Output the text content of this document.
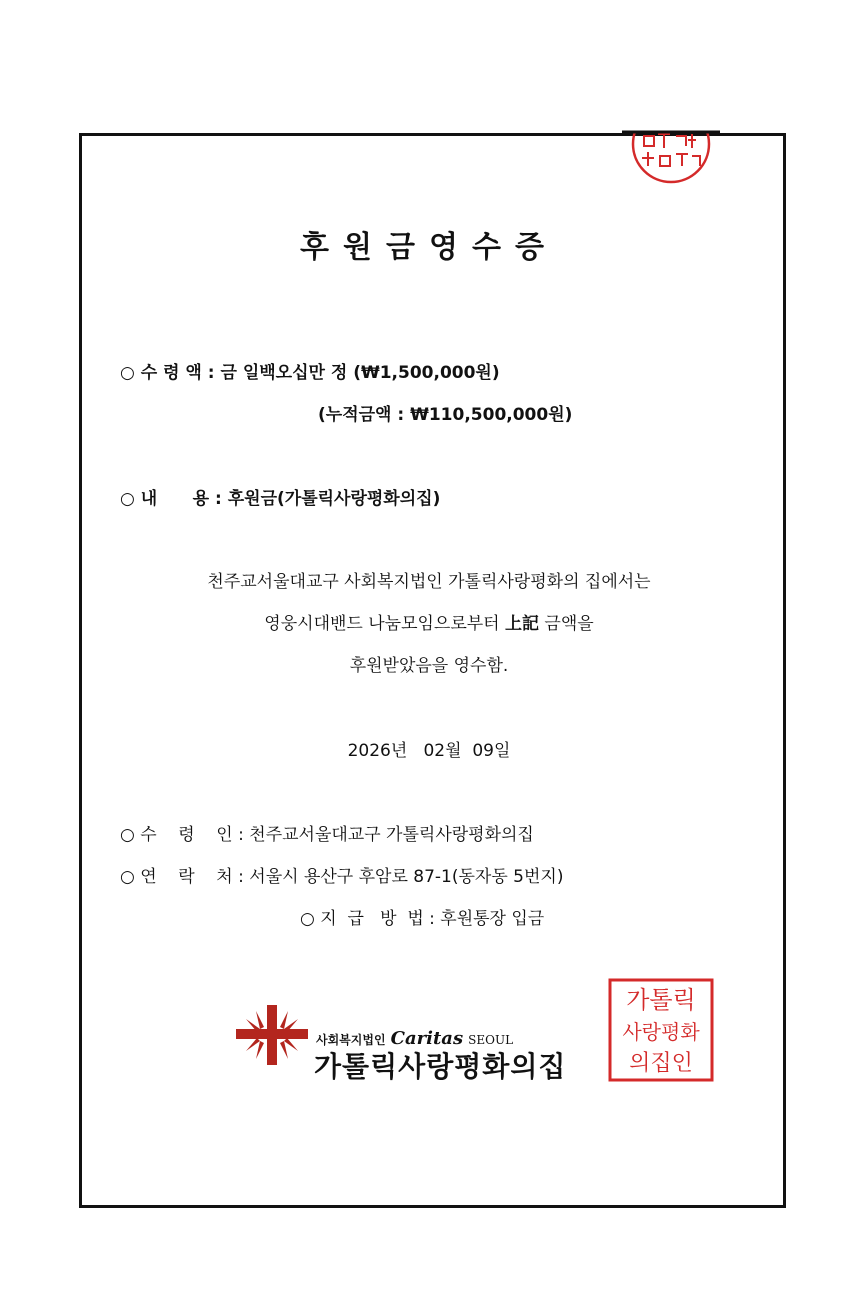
후원금영수증
○ 수 령 액 : 금 일백오십만 정 (₩1,500,000원)
(누적금액 : ₩110,500,000원)
○ 내      용 : 후원금(가톨릭사랑평화의집)
천주교서울대교구 사회복지법인 가톨릭사랑평화의 집에서는
영웅시대밴드 나눔모임으로부터 上記 금액을
후원받았음을 영수함.
2026년   02월  09일
○ 수    령    인 : 천주교서울대교구 가톨릭사랑평화의집
○ 연    락    처 : 서울시 용산구 후암로 87-1(동자동 5번지)
○ 지  급   방  법 : 후원통장 입금
사회복지법인 Caritas SEOUL
가톨릭사랑평화의집
가톨릭
사랑평화
의집인
